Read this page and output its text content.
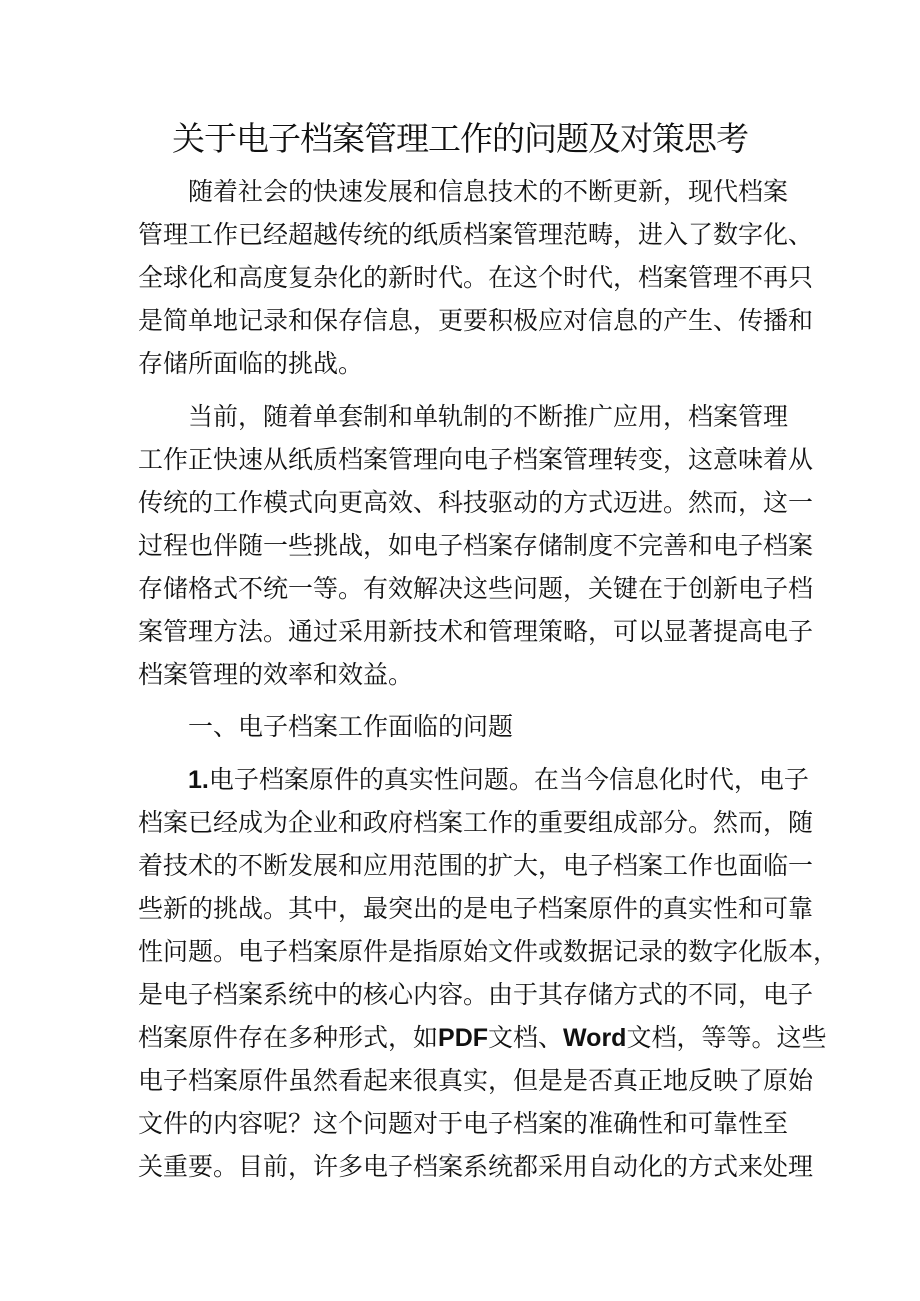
关于电子档案管理工作的问题及对策思考
随着社会的快速发展和信息技术的不断更新，现代档案
管理工作已经超越传统的纸质档案管理范畴，进入了数字化、
全球化和高度复杂化的新时代。在这个时代，档案管理不再只
是简单地记录和保存信息，更要积极应对信息的产生、传播和
存储所面临的挑战。
当前，随着单套制和单轨制的不断推广应用，档案管理
工作正快速从纸质档案管理向电子档案管理转变，这意味着从
传统的工作模式向更高效、科技驱动的方式迈进。然而，这一
过程也伴随一些挑战，如电子档案存储制度不完善和电子档案
存储格式不统一等。有效解决这些问题，关键在于创新电子档
案管理方法。通过采用新技术和管理策略，可以显著提高电子
档案管理的效率和效益。
一、电子档案工作面临的问题
1.电子档案原件的真实性问题。在当今信息化时代，电子
档案已经成为企业和政府档案工作的重要组成部分。然而，随
着技术的不断发展和应用范围的扩大，电子档案工作也面临一
些新的挑战。其中，最突出的是电子档案原件的真实性和可靠
性问题。电子档案原件是指原始文件或数据记录的数字化版本，
是电子档案系统中的核心内容。由于其存储方式的不同，电子
档案原件存在多种形式，如PDF文档、Word文档，等等。这些
电子档案原件虽然看起来很真实，但是是否真正地反映了原始
文件的内容呢？这个问题对于电子档案的准确性和可靠性至
关重要。目前，许多电子档案系统都采用自动化的方式来处理
